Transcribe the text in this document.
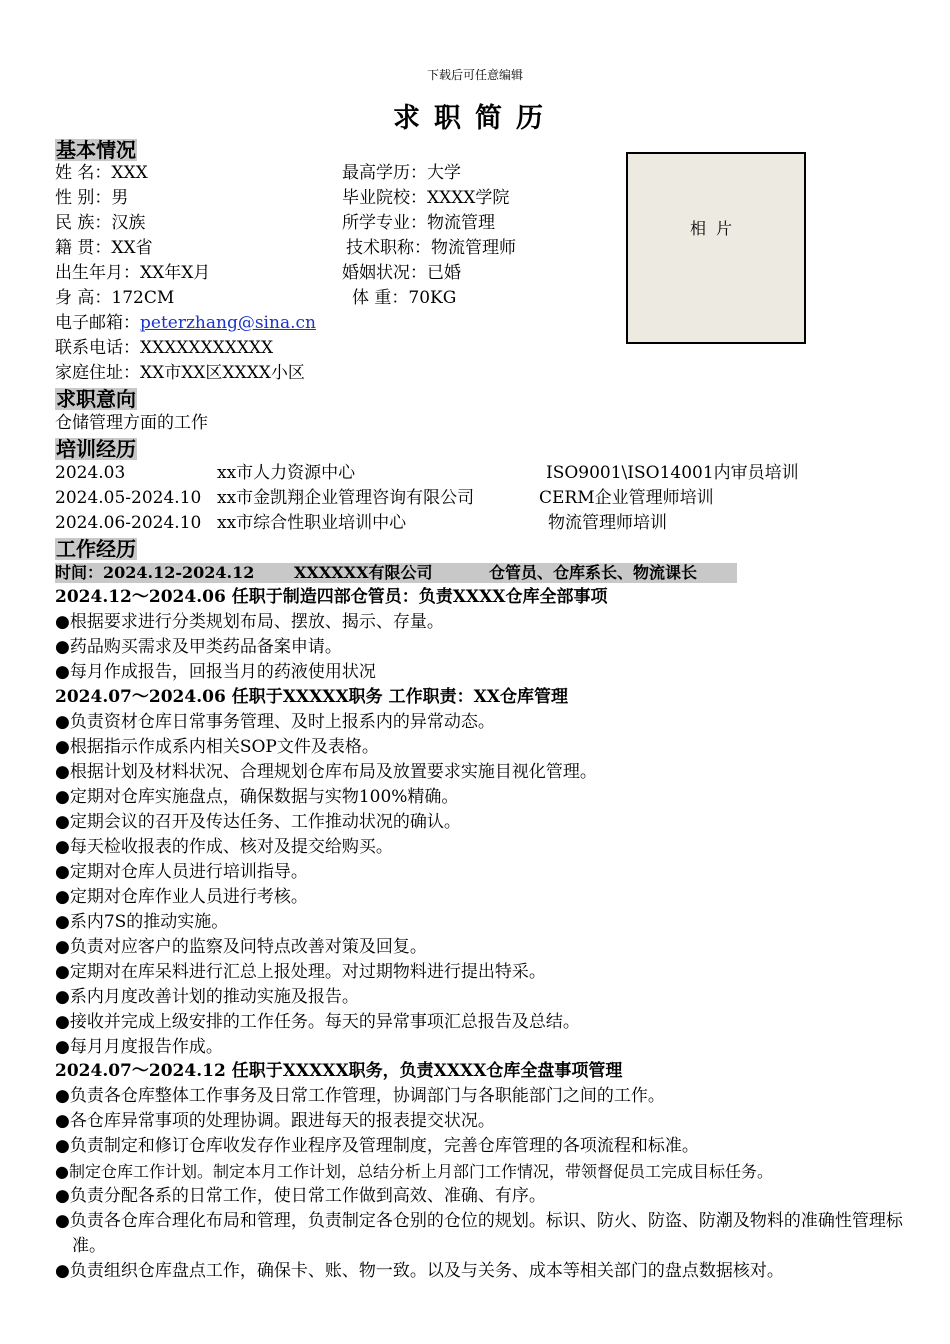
下载后可任意编辑
求职简历
基本情况
姓 名：XXX
性 别：男
民 族：汉族
籍 贯：XX省
出生年月：XX年X月
身 高：172CM
电子邮箱：peterzhang@sina.cn
联系电话：XXXXXXXXXXX
家庭住址：XX市XX区XXXX小区
最高学历：大学
毕业院校：XXXX学院
所学专业：物流管理
技术职称：物流管理师
婚姻状况：已婚
体 重：70KG
相片
求职意向
仓储管理方面的工作
培训经历
2024.03	xx市人力资源中心	ISO9001\ISO14001内审员培训
2024.05-2024.10 xx市金凯翔企业管理咨询有限公司	CERM企业管理师培训
2024.06-2024.10 xx市综合性职业培训中心	物流管理师培训
工作经历
时间：2024.12-2024.12 XXXXXX有限公司	仓管员、仓库系长、物流课长
2024.12～2024.06 任职于制造四部仓管员：负责XXXX仓库全部事项
●根据要求进行分类规划布局、摆放、揭示、存量。
●药品购买需求及甲类药品备案申请。
●每月作成报告，回报当月的药液使用状况
2024.07～2024.06 任职于XXXXX职务 工作职责：XX仓库管理
●负责资材仓库日常事务管理、及时上报系内的异常动态。
●根据指示作成系内相关SOP文件及表格。
●根据计划及材料状况、合理规划仓库布局及放置要求实施目视化管理。
●定期对仓库实施盘点，确保数据与实物100%精确。
●定期会议的召开及传达任务、工作推动状况的确认。
●每天检收报表的作成、核对及提交给购买。
●定期对仓库人员进行培训指导。
●定期对仓库作业人员进行考核。
●系内7S的推动实施。
●负责对应客户的监察及问特点改善对策及回复。
●定期对在库呆料进行汇总上报处理。对过期物料进行提出特采。
●系内月度改善计划的推动实施及报告。
●接收并完成上级安排的工作任务。每天的异常事项汇总报告及总结。
●每月月度报告作成。
2024.07～2024.12 任职于XXXXX职务，负责XXXX仓库全盘事项管理
●负责各仓库整体工作事务及日常工作管理，协调部门与各职能部门之间的工作。
●各仓库异常事项的处理协调。跟进每天的报表提交状况。
●负责制定和修订仓库收发存作业程序及管理制度，完善仓库管理的各项流程和标准。
●制定仓库工作计划。制定本月工作计划，总结分析上月部门工作情况，带领督促员工完成目标任务。
●负责分配各系的日常工作，使日常工作做到高效、准确、有序。
●负责各仓库合理化布局和管理，负责制定各仓别的仓位的规划。标识、防火、防盗、防潮及物料的准确性管理标准。
●负责组织仓库盘点工作，确保卡、账、物一致。以及与关务、成本等相关部门的盘点数据核对。
